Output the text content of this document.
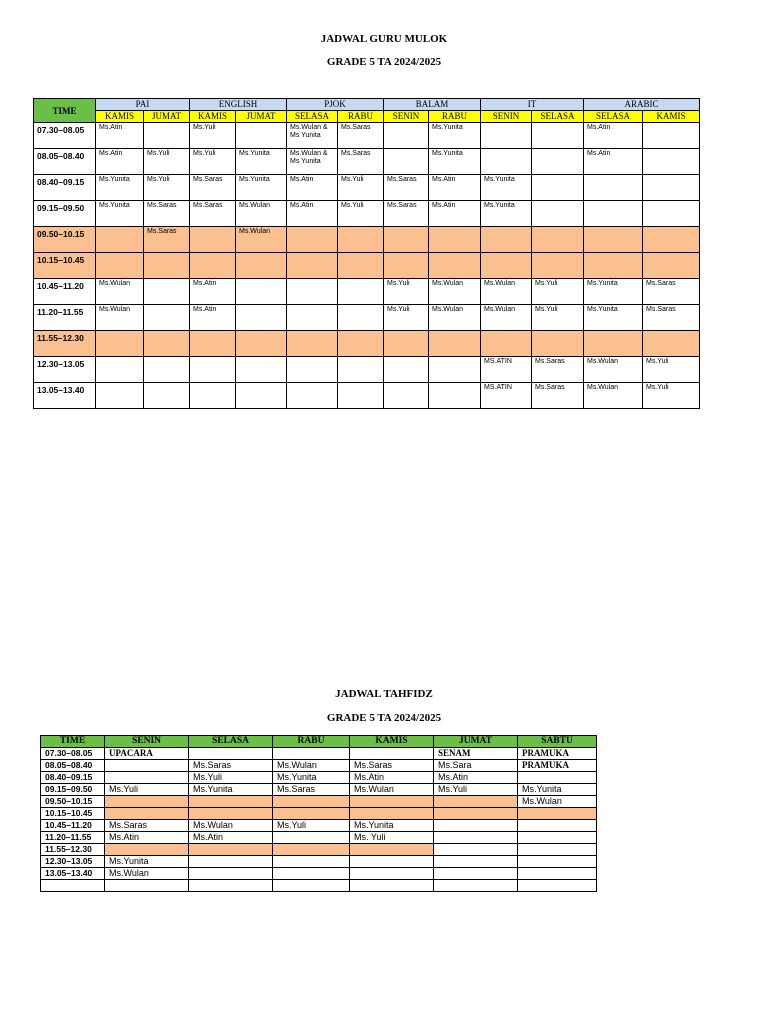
JADWAL GURU MULOK
GRADE 5 TA 2024/2025
TIME	PAI		ENGLISH		PJOK		BALAM		IT		ARABIC	
	KAMIS	JUMAT	KAMIS	JUMAT	SELASA	RABU	SENIN	RABU	SENIN	SELASA	SELASA	KAMIS
07.30–08.05	Ms.Atin		Ms.Yuli		Ms.Wulan & Ms Yunita	Ms.Saras		Ms.Yunita			Ms.Atin	
08.05–08.40	Ms.Atin	Ms.Yuli	Ms.Yuli	Ms.Yunita	Ms.Wulan & Ms Yunita	Ms.Saras		Ms.Yunita			Ms.Atin	
08.40–09.15	Ms.Yunita	Ms.Yuli	Ms.Saras	Ms.Yunita	Ms.Atin	Ms.Yuli	Ms.Saras	Ms.Atin	Ms.Yunita			
09.15–09.50	Ms.Yunita	Ms.Saras	Ms.Saras	Ms.Wulan	Ms.Atin	Ms.Yuli	Ms.Saras	Ms.Atin	Ms.Yunita			
09.50–10.15		Ms.Saras		Ms.Wulan								
10.15–10.45												
10.45–11.20	Ms.Wulan		Ms.Atin				Ms.Yuli	Ms.Wulan	Ms.Wulan	Ms.Yuli	Ms.Yunita	Ms.Saras
11.20–11.55	Ms.Wulan		Ms.Atin				Ms.Yuli	Ms.Wulan	Ms.Wulan	Ms.Yuli	Ms.Yunita	Ms.Saras
11.55–12.30												
12.30–13.05									MS.ATIN	Ms.Saras	Ms.Wulan	Ms.Yuli
13.05–13.40									MS.ATIN	Ms.Saras	Ms.Wulan	Ms.Yuli
JADWAL TAHFIDZ
GRADE 5 TA 2024/2025
TIME	SENIN	SELASA	RABU	KAMIS	JUMAT	SABTU
07.30–08.05	UPACARA				SENAM	PRAMUKA
08.05–08.40		Ms.Saras	Ms.Wulan	Ms.Saras	Ms.Sara	PRAMUKA
08.40–09.15		Ms.Yuli	Ms.Yunita	Ms.Atin	Ms.Atin	
09.15–09.50	Ms.Yuli	Ms.Yunita	Ms.Saras	Ms.Wulan	Ms.Yuli	Ms.Yunita
09.50–10.15						Ms.Wulan
10.15–10.45						
10.45–11.20	Ms.Saras	Ms.Wulan	Ms.Yuli	Ms.Yunita		
11.20–11.55	Ms.Atin	Ms.Atin		Ms. Yuli		
11.55–12.30						
12.30–13.05	Ms.Yunita					
13.05–13.40	Ms.Wulan					
